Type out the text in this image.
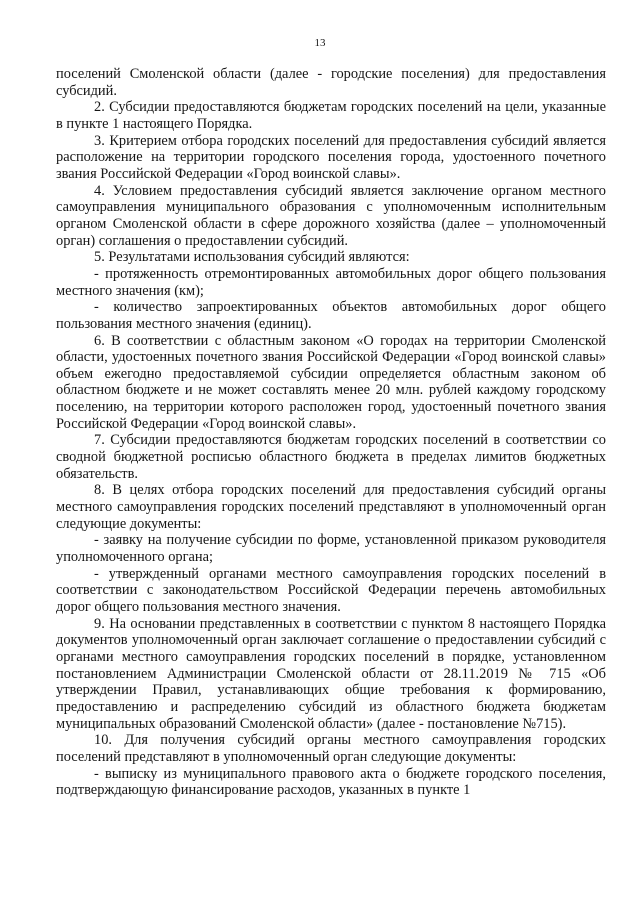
13

поселений Смоленской области (далее - городские поселения) для предоставления субсидий.

2. Субсидии предоставляются бюджетам городских поселений на цели, указанные в пункте 1 настоящего Порядка.

3. Критерием отбора городских поселений для предоставления субсидий является расположение на территории городского поселения города, удостоенного почетного звания Российской Федерации «Город воинской славы».

4. Условием предоставления субсидий является заключение органом местного самоуправления муниципального образования с уполномоченным исполнительным органом Смоленской области в сфере дорожного хозяйства (далее – уполномоченный орган) соглашения о предоставлении субсидий.

5. Результатами использования субсидий являются:

- протяженность отремонтированных автомобильных дорог общего пользования местного значения (км);

- количество запроектированных объектов автомобильных дорог общего пользования местного значения (единиц).

6. В соответствии с областным законом «О городах на территории Смоленской области, удостоенных почетного звания Российской Федерации «Город воинской славы» объем ежегодно предоставляемой субсидии определяется областным законом об областном бюджете и не может составлять менее 20 млн. рублей каждому городскому поселению, на территории которого расположен город, удостоенный почетного звания Российской Федерации «Город воинской славы».

7. Субсидии предоставляются бюджетам городских поселений в соответствии со сводной бюджетной росписью областного бюджета в пределах лимитов бюджетных обязательств.

8. В целях отбора городских поселений для предоставления субсидий органы местного самоуправления городских поселений представляют в уполномоченный орган следующие документы:

- заявку на получение субсидии по форме, установленной приказом руководителя уполномоченного органа;

- утвержденный органами местного самоуправления городских поселений в соответствии с законодательством Российской Федерации перечень автомобильных дорог общего пользования местного значения.

9. На основании представленных в соответствии с пунктом 8 настоящего Порядка документов уполномоченный орган заключает соглашение о предоставлении субсидий с органами местного самоуправления городских поселений в порядке, установленном постановлением Администрации Смоленской области от 28.11.2019 № 715 «Об утверждении Правил, устанавливающих общие требования к формированию, предоставлению и распределению субсидий из областного бюджета бюджетам муниципальных образований Смоленской области» (далее - постановление №715).

10. Для получения субсидий органы местного самоуправления городских поселений представляют в уполномоченный орган следующие документы:

- выписку из муниципального правового акта о бюджете городского поселения, подтверждающую финансирование расходов, указанных в пункте 1
